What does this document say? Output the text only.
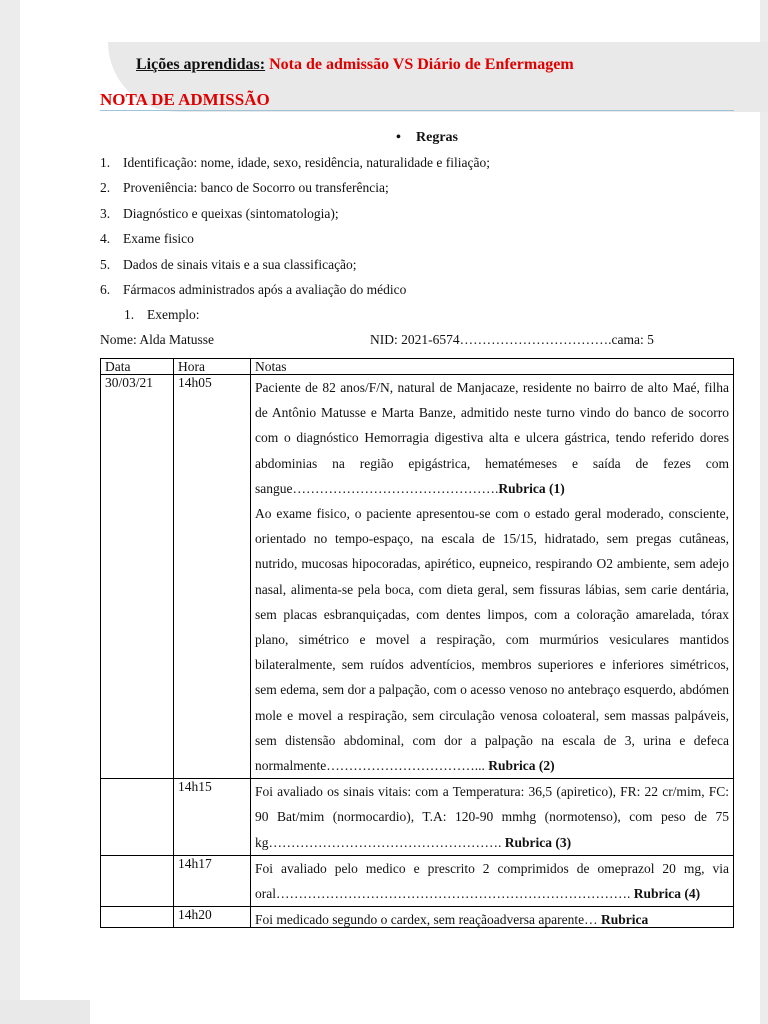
Lições aprendidas: Nota de admissão VS Diário de Enfermagem
NOTA DE ADMISSÃO
• Regras
1. Identificação: nome, idade, sexo, residência, naturalidade e filiação;
2. Proveniência: banco de Socorro ou transferência;
3. Diagnóstico e queixas (sintomatologia);
4. Exame fisico
5. Dados de sinais vitais e a sua classificação;
6. Fármacos administrados após a avaliação do médico
1. Exemplo:
Nome: Alda Matusse	NID: 2021-6574…………………………….cama: 5
Data	Hora	Notas
30/03/21	14h05	Paciente de 82 anos/F/N, natural de Manjacaze, residente no bairro de alto Maé, filha de Antônio Matusse e Marta Banze, admitido neste turno vindo do banco de socorro com o diagnóstico Hemorragia digestiva alta e ulcera gástrica, tendo referido dores abdominias na região epigástrica, hematémeses e saída de fezes com sangue……………………………………….Rubrica (1)

Ao exame fisico, o paciente apresentou-se com o estado geral moderado, consciente, orientado no tempo-espaço, na escala de 15/15, hidratado, sem pregas cutâneas, nutrido, mucosas hipocoradas, apirético, eupneico, respirando O2 ambiente, sem adejo nasal, alimenta-se pela boca, com dieta geral, sem fissuras lábias, sem carie dentária, sem placas esbranquiçadas, com dentes limpos, com a coloração amarelada, tórax plano, simétrico e movel a respiração, com murmúrios vesiculares mantidos bilateralmente, sem ruídos adventícios, membros superiores e inferiores simétricos, sem edema, sem dor a palpação, com o acesso venoso no antebraço esquerdo, abdómen mole e movel a respiração, sem circulação venosa coloateral, sem massas palpáveis, sem distensão abdominal, com dor a palpação na escala de 3, urina e defeca normalmente……………………………... Rubrica (2)

	14h15	Foi avaliado os sinais vitais: com a Temperatura: 36,5 (apiretico), FR: 22 cr/mim, FC: 90 Bat/mim (normocardio), T.A: 120-90 mmhg (normotenso), com peso de 75 kg……………………………………………. Rubrica (3)

	14h17	Foi avaliado pelo medico e prescrito 2 comprimidos de omeprazol 20 mg, via oral……………………………………………………………………. Rubrica (4)

	14h20	Foi medicado segundo o cardex, sem reaçãoadversa aparente… Rubrica
